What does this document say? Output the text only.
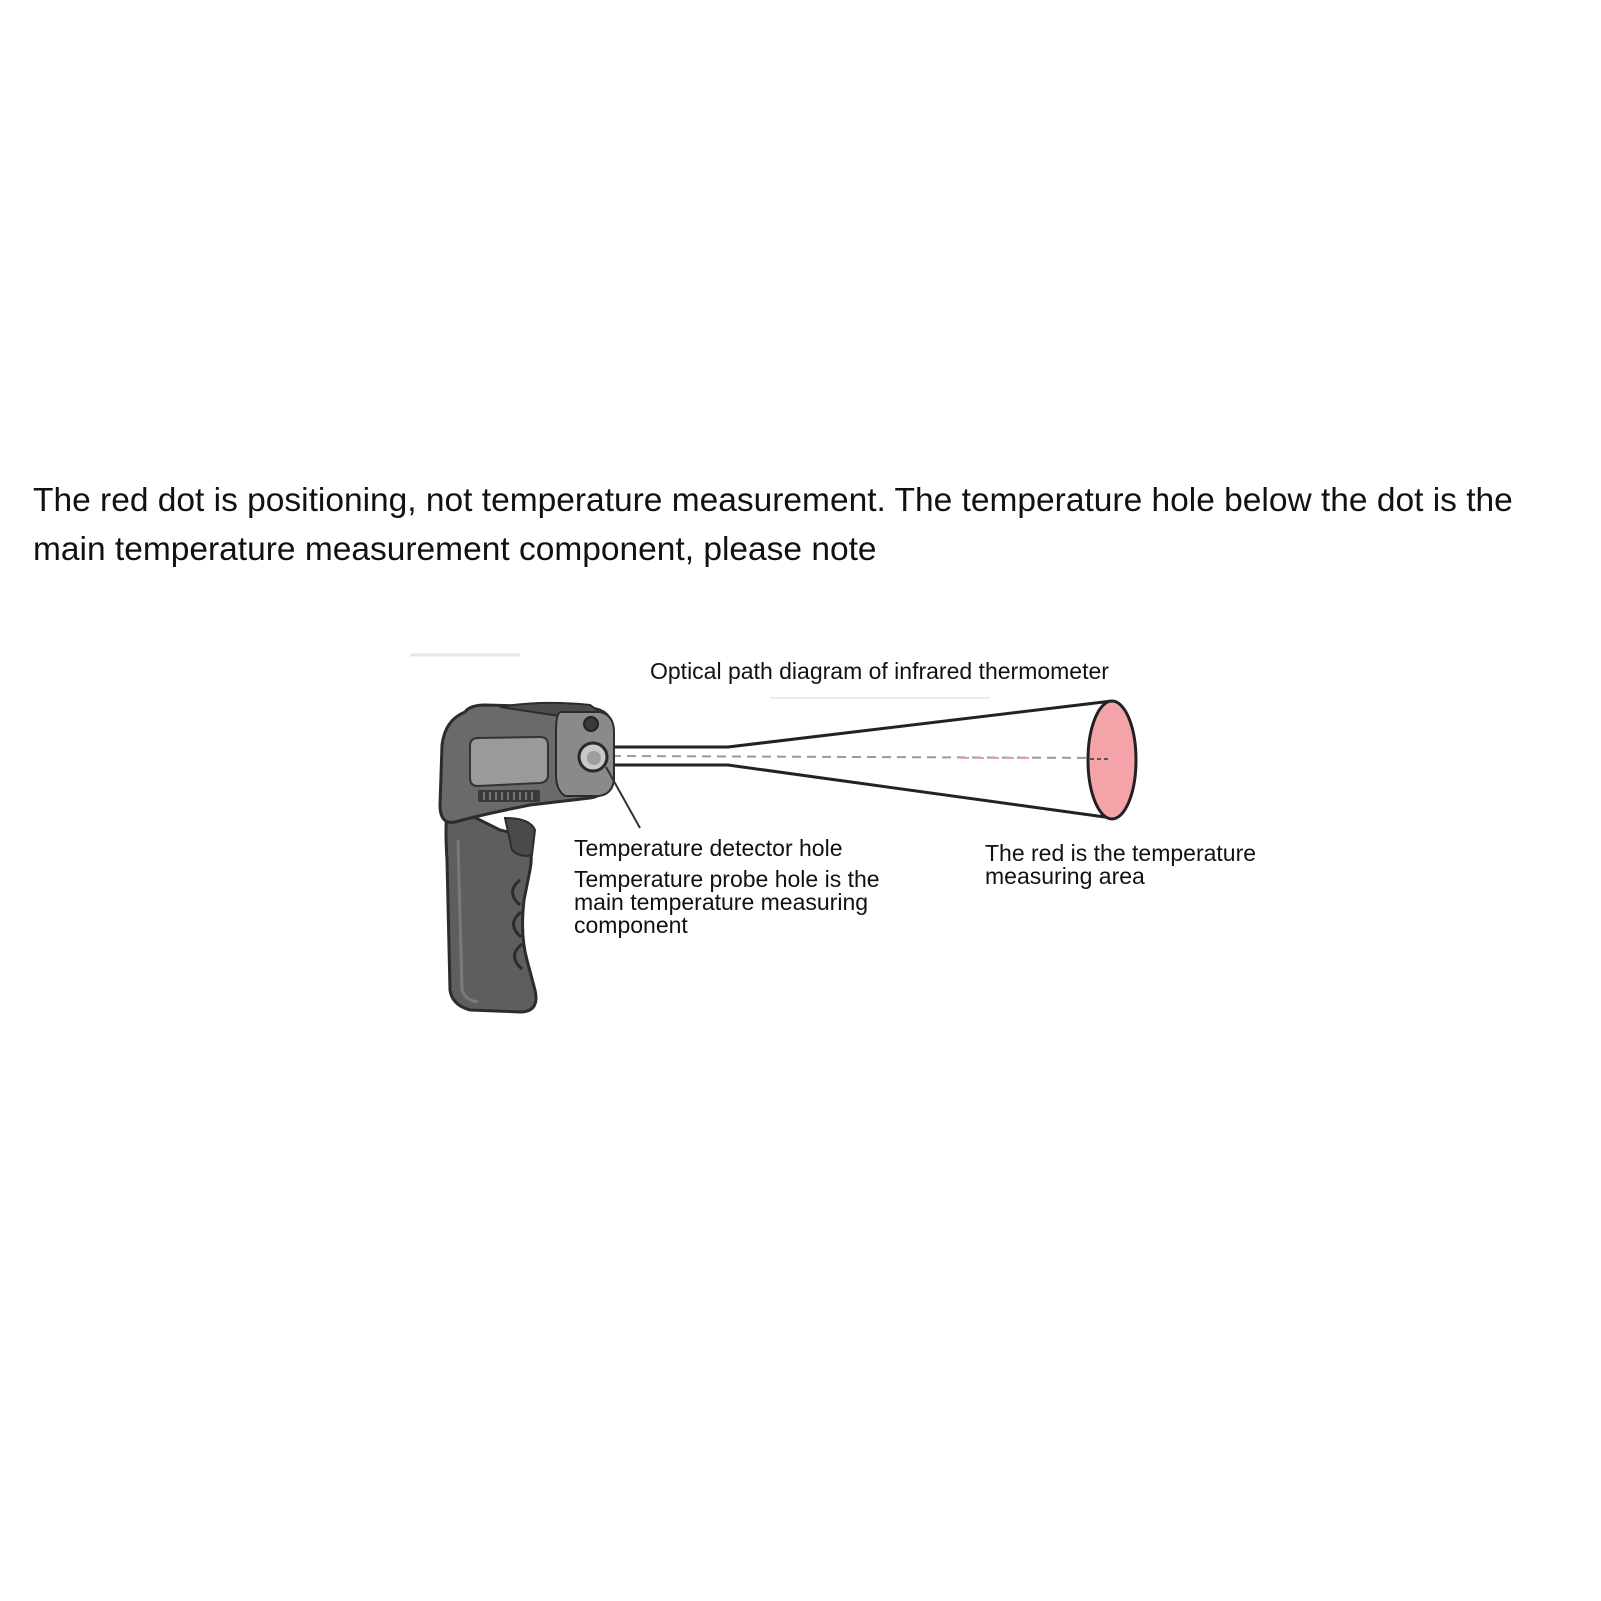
The red dot is positioning, not temperature measurement. The temperature hole below the dot is the
main temperature measurement component, please note
Optical path diagram of infrared thermometer
Temperature detector hole
Temperature probe hole is the
main temperature measuring
component
The red is the temperature
measuring area
